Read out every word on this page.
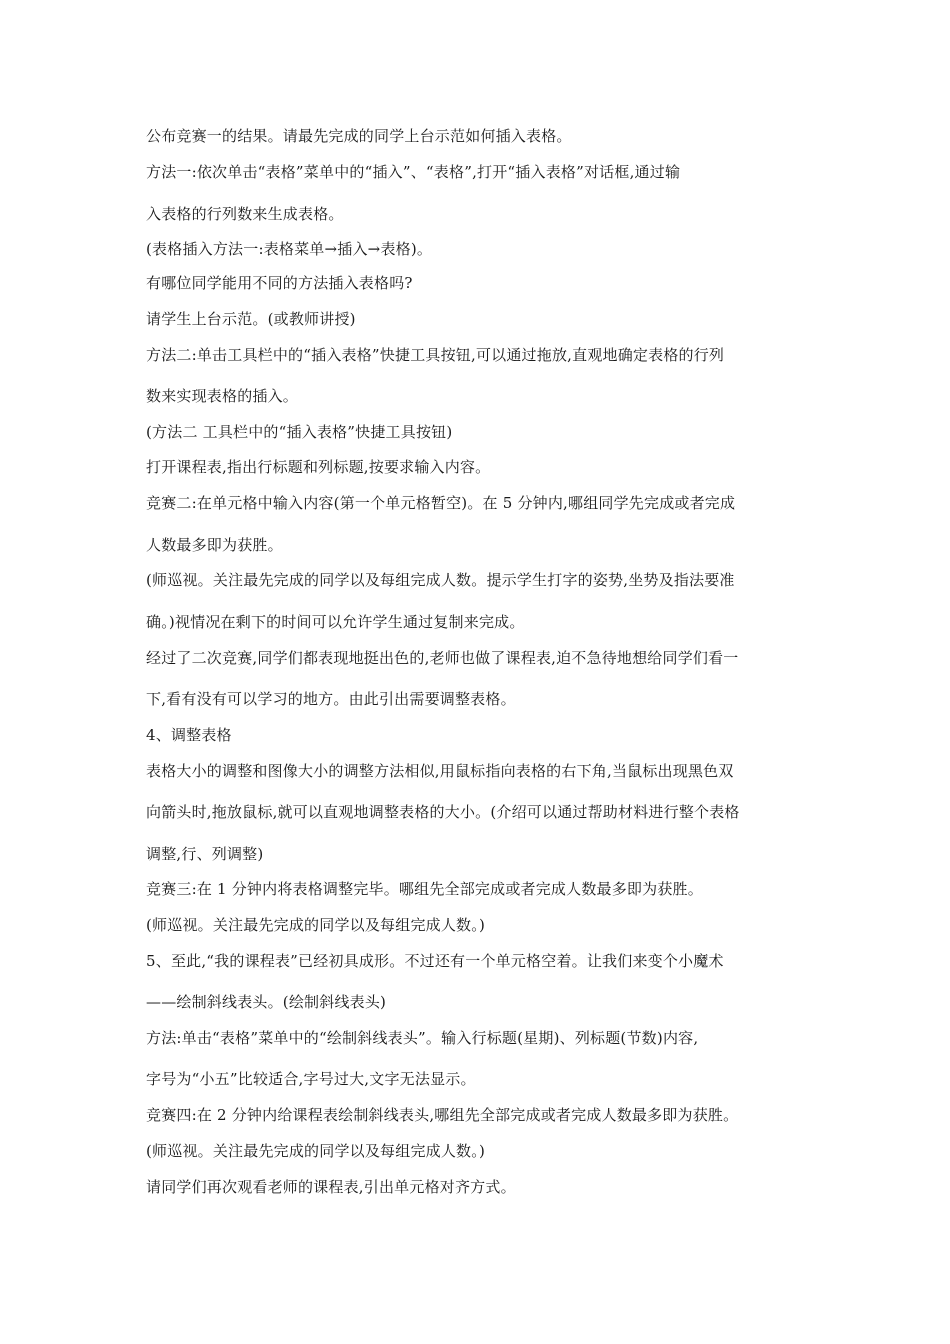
公布竞赛一的结果。请最先完成的同学上台示范如何插入表格。
方法一:依次单击“表格”菜单中的“插入”、“表格”,打开“插入表格”对话框,通过输
入表格的行列数来生成表格。
(表格插入方法一:表格菜单→插入→表格)。
有哪位同学能用不同的方法插入表格吗?
请学生上台示范。(或教师讲授)
方法二:单击工具栏中的“插入表格”快捷工具按钮,可以通过拖放,直观地确定表格的行列
数来实现表格的插入。
(方法二 工具栏中的“插入表格”快捷工具按钮)
打开课程表,指出行标题和列标题,按要求输入内容。
竞赛二:在单元格中输入内容(第一个单元格暂空)。在 5 分钟内,哪组同学先完成或者完成
人数最多即为获胜。
(师巡视。关注最先完成的同学以及每组完成人数。提示学生打字的姿势,坐势及指法要准
确。)视情况在剩下的时间可以允许学生通过复制来完成。
经过了二次竞赛,同学们都表现地挺出色的,老师也做了课程表,迫不急待地想给同学们看一
下,看有没有可以学习的地方。由此引出需要调整表格。
4、调整表格
表格大小的调整和图像大小的调整方法相似,用鼠标指向表格的右下角,当鼠标出现黑色双
向箭头时,拖放鼠标,就可以直观地调整表格的大小。(介绍可以通过帮助材料进行整个表格
调整,行、列调整)
竞赛三:在 1 分钟内将表格调整完毕。哪组先全部完成或者完成人数最多即为获胜。
(师巡视。关注最先完成的同学以及每组完成人数。)
5、至此,“我的课程表”已经初具成形。不过还有一个单元格空着。让我们来变个小魔术
——绘制斜线表头。(绘制斜线表头)
方法:单击“表格”菜单中的“绘制斜线表头”。输入行标题(星期)、列标题(节数)内容,
字号为“小五”比较适合,字号过大,文字无法显示。
竞赛四:在 2 分钟内给课程表绘制斜线表头,哪组先全部完成或者完成人数最多即为获胜。
(师巡视。关注最先完成的同学以及每组完成人数。)
请同学们再次观看老师的课程表,引出单元格对齐方式。
